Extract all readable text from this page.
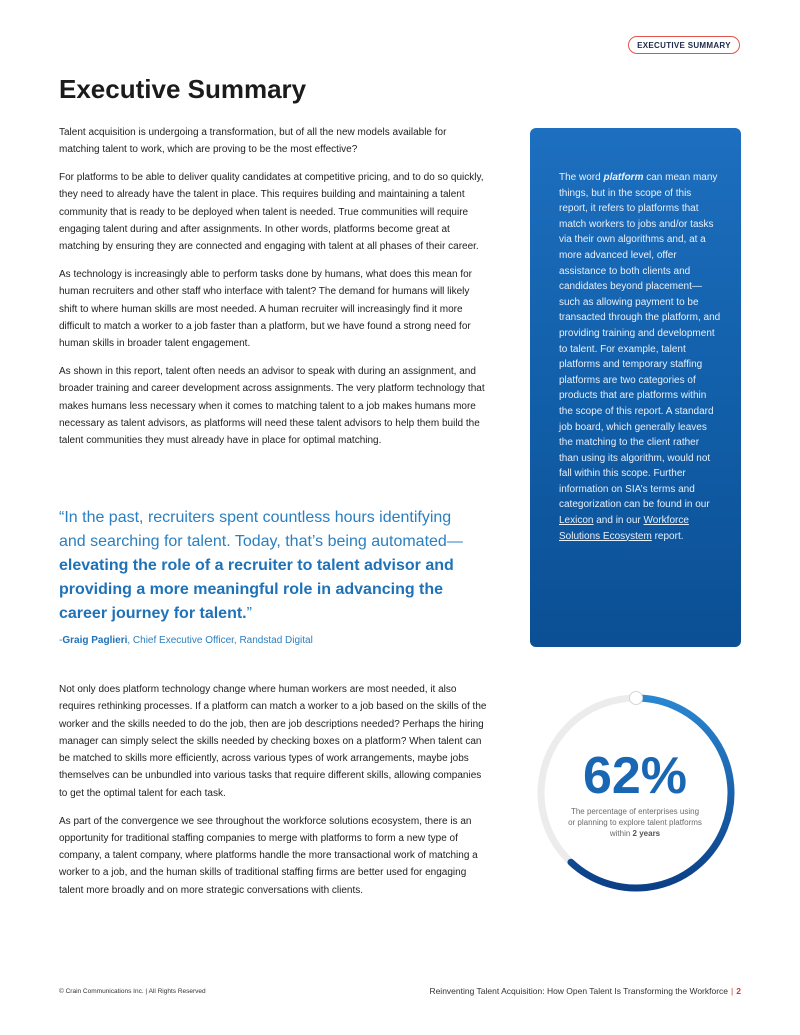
EXECUTIVE SUMMARY
Executive Summary

Talent acquisition is undergoing a transformation, but of all the new models available for matching talent to work, which are proving to be the most effective?

For platforms to be able to deliver quality candidates at competitive pricing, and to do so quickly, they need to already have the talent in place. This requires building and maintaining a talent community that is ready to be deployed when talent is needed. True communities will require engaging talent during and after assignments. In other words, platforms become great at matching by ensuring they are connected and engaging with talent at all phases of their career.

As technology is increasingly able to perform tasks done by humans, what does this mean for human recruiters and other staff who interface with talent? The demand for humans will likely shift to where human skills are most needed. A human recruiter will increasingly find it more difficult to match a worker to a job faster than a platform, but we have found a strong need for human skills in broader talent engagement.

As shown in this report, talent often needs an advisor to speak with during an assignment, and broader training and career development across assignments. The very platform technology that makes humans less necessary when it comes to matching talent to a job makes humans more necessary as talent advisors, as platforms will need these talent advisors to help them build the talent communities they must already have in place for optimal matching.

“In the past, recruiters spent countless hours identifying and searching for talent. Today, that’s being automated—elevating the role of a recruiter to talent advisor and providing a more meaningful role in advancing the career journey for talent.”

-Graig Paglieri, Chief Executive Officer, Randstad Digital

Not only does platform technology change where human workers are most needed, it also requires rethinking processes. If a platform can match a worker to a job based on the skills of the worker and the skills needed to do the job, then are job descriptions needed? Perhaps the hiring manager can simply select the skills needed by checking boxes on a platform? When talent can be matched to skills more efficiently, across various types of work arrangements, maybe jobs themselves can be unbundled into various tasks that require different skills, allowing companies to get the optimal talent for each task.

As part of the convergence we see throughout the workforce solutions ecosystem, there is an opportunity for traditional staffing companies to merge with platforms to form a new type of company, a talent company, where platforms handle the more transactional work of matching a worker to a job, and the human skills of traditional staffing firms are better used for engaging talent more broadly and on more strategic conversations with clients.

The word platform can mean many things, but in the scope of this report, it refers to platforms that match workers to jobs and/or tasks via their own algorithms and, at a more advanced level, offer assistance to both clients and candidates beyond placement—such as allowing payment to be transacted through the platform, and providing training and development to talent. For example, talent platforms and temporary staffing platforms are two categories of products that are platforms within the scope of this report. A standard job board, which generally leaves the matching to the client rather than using its algorithm, would not fall within this scope. Further information on SIA’s terms and categorization can be found in our Lexicon and in our Workforce Solutions Ecosystem report.
62%
The percentage of enterprises using or planning to explore talent platforms within 2 years
© Crain Communications Inc. | All Rights Reserved	Reinventing Talent Acquisition: How Open Talent Is Transforming the Workforce | 2
